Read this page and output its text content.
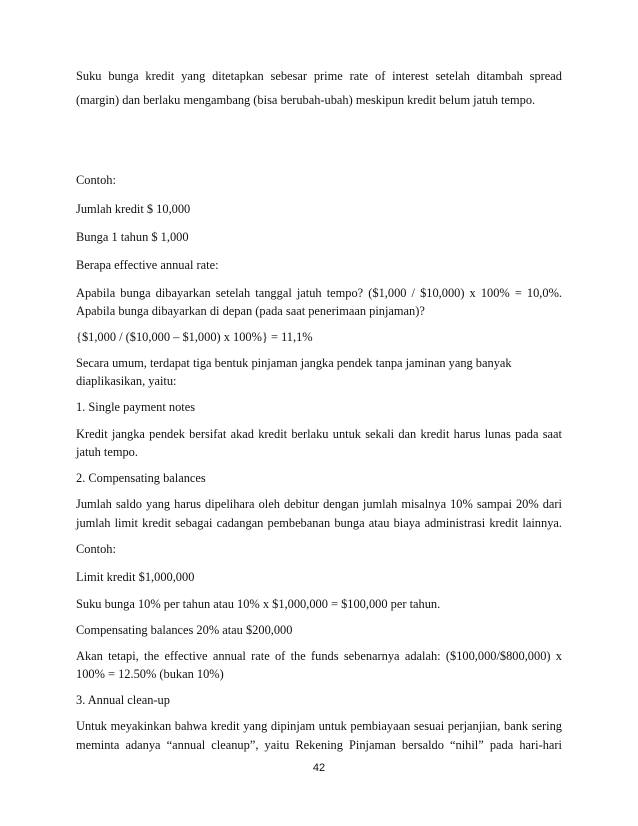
Suku bunga kredit yang ditetapkan sebesar prime rate of interest setelah ditambah spread
(margin) dan berlaku mengambang (bisa berubah-ubah) meskipun kredit belum jatuh tempo.
Contoh:
Jumlah kredit $ 10,000
Bunga 1 tahun $ 1,000
Berapa effective annual rate:
Apabila bunga dibayarkan setelah tanggal jatuh tempo? ($1,000 / $10,000) x 100% = 10,0%.
Apabila bunga dibayarkan di depan (pada saat penerimaan pinjaman)?
{$1,000 / ($10,000 – $1,000) x 100%} = 11,1%
Secara umum, terdapat tiga bentuk pinjaman jangka pendek tanpa jaminan yang banyak
diaplikasikan, yaitu:
1. Single payment notes
Kredit jangka pendek bersifat akad kredit berlaku untuk sekali dan kredit harus lunas pada saat
jatuh tempo.
2. Compensating balances
Jumlah saldo yang harus dipelihara oleh debitur dengan jumlah misalnya 10% sampai 20% dari
jumlah limit kredit sebagai cadangan pembebanan bunga atau biaya administrasi kredit lainnya.
Contoh:
Limit kredit $1,000,000
Suku bunga 10% per tahun atau 10% x $1,000,000 = $100,000 per tahun.
Compensating balances 20% atau $200,000
Akan tetapi, the effective annual rate of the funds sebenarnya adalah: ($100,000/$800,000) x
100% = 12.50% (bukan 10%)
3. Annual clean-up
Untuk meyakinkan bahwa kredit yang dipinjam untuk pembiayaan sesuai perjanjian, bank sering
meminta adanya “annual cleanup”, yaitu Rekening Pinjaman bersaldo “nihil” pada hari-hari
42
